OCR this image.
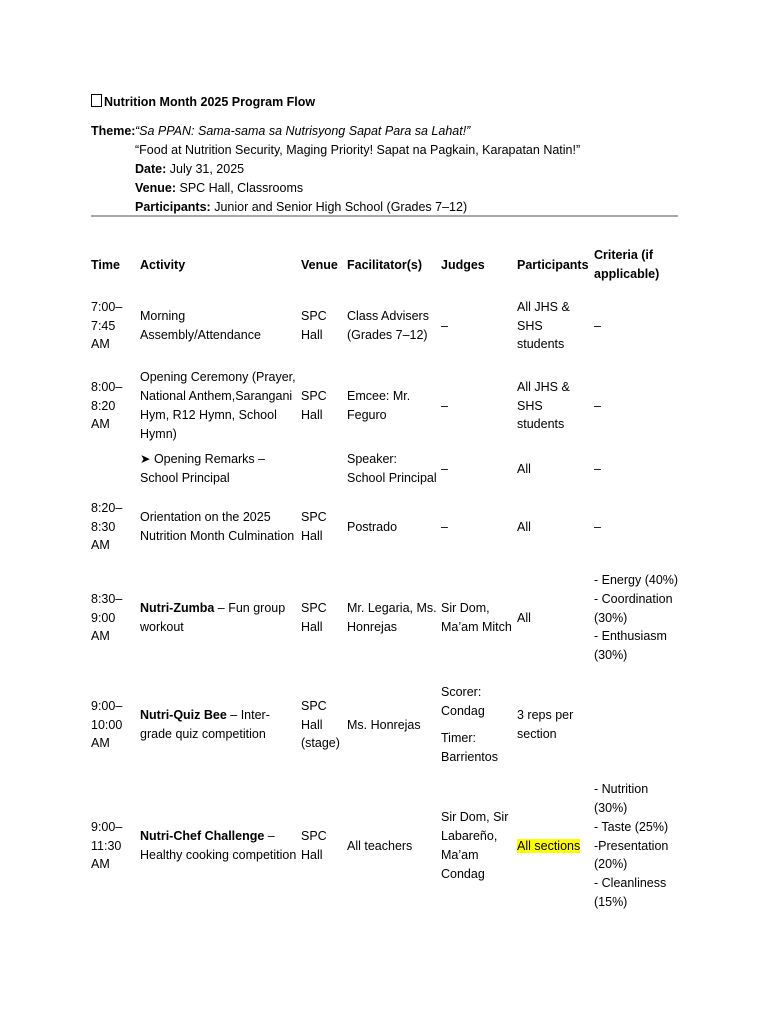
Nutrition Month 2025 Program Flow
Theme: “Sa PPAN: Sama-sama sa Nutrisyong Sapat Para sa Lahat!”
“Food at Nutrition Security, Maging Priority! Sapat na Pagkain, Karapatan Natin!”
Date: July 31, 2025
Venue: SPC Hall, Classrooms
Participants: Junior and Senior High School (Grades 7–12)
Time	Activity	Venue	Facilitator(s)	Judges	Participants	Criteria (if applicable)
7:00–7:45 AM	Morning Assembly/Attendance	SPC Hall	Class Advisers (Grades 7–12)	–	All JHS & SHS students	–
8:00–8:20 AM	Opening Ceremony (Prayer, National Anthem,Sarangani Hym, R12 Hymn, School Hymn)	SPC Hall	Emcee: Mr. Feguro	–	All JHS & SHS students	–
	➤ Opening Remarks – School Principal		Speaker: School Principal	–	All	–
8:20–8:30 AM	Orientation on the 2025 Nutrition Month Culmination	SPC Hall	Postrado	–	All	–
8:30–9:00 AM	Nutri-Zumba – Fun group workout	SPC Hall	Mr. Legaria, Ms. Honrejas	Sir Dom, Ma’am Mitch	All	- Energy (40%)
- Coordination (30%)
- Enthusiasm (30%)

9:00–10:00 AM	Nutri-Quiz Bee – Inter-grade quiz competition	SPC Hall (stage)	Ms. Honrejas	Scorer: Condag
Timer: Barrientos	3 reps per section	
9:00–11:30 AM	Nutri-Chef Challenge – Healthy cooking competition	SPC Hall	All teachers	Sir Dom, Sir Labareño, Ma’am Condag	All sections	- Nutrition (30%)
- Taste (25%)
-Presentation (20%)
- Cleanliness (15%)
